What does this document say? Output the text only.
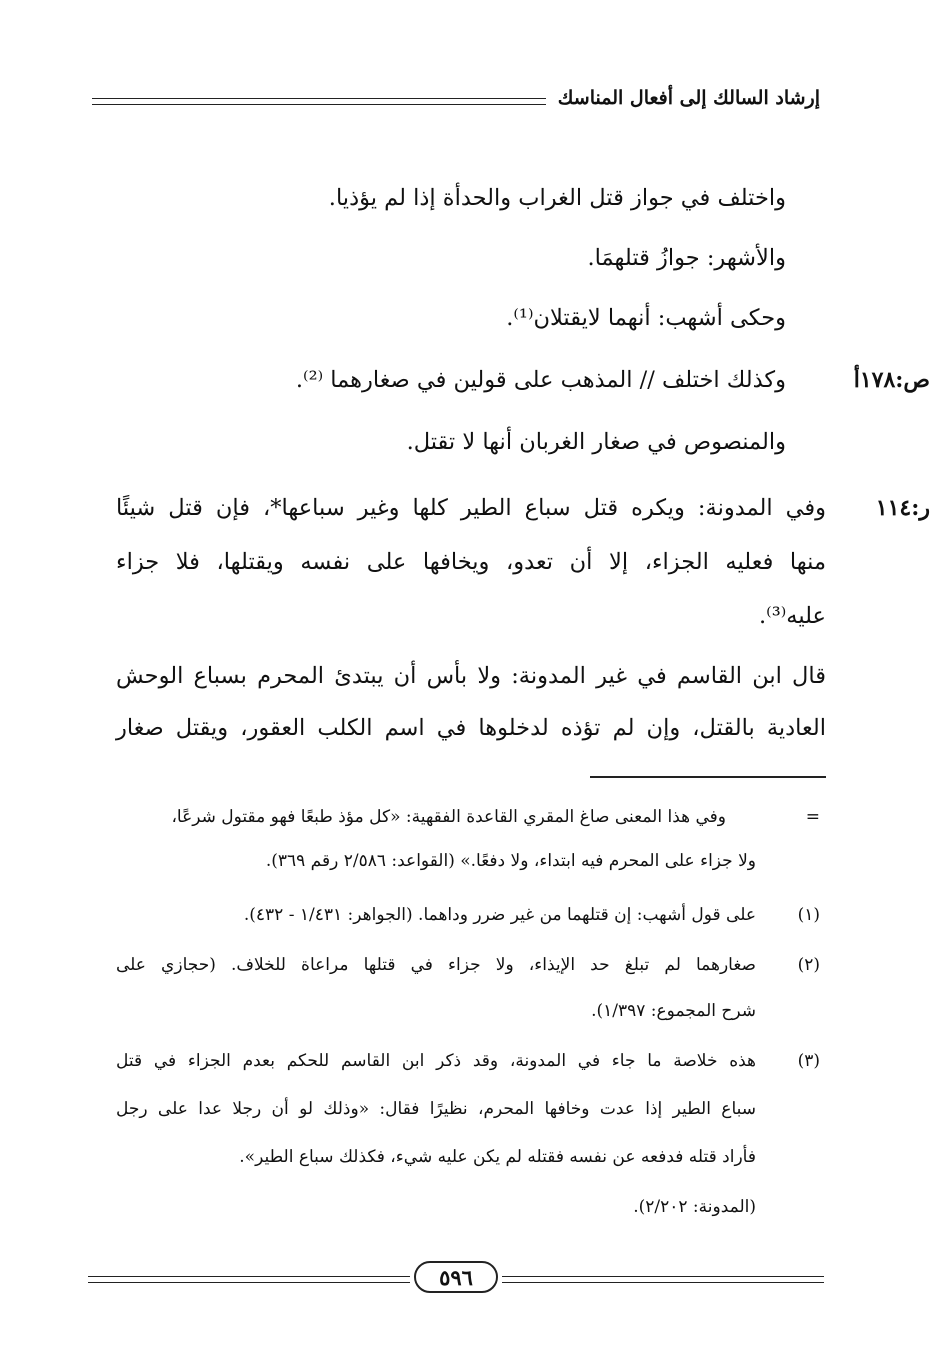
إرشاد السالك إلى أفعال المناسك
واختلف في جواز قتل الغراب والحدأة إذا لم يؤذيا.
والأشهر: جوازُ قتلهمَا.
وحكى أشهب: أنهما لايقتلان⁽¹⁾.
ص:١٧٨أ
وكذلك اختلف // المذهب على قولين في صغارهما ⁽²⁾.
والمنصوص في صغار الغربان أنها لا تقتل.
ر:١١٤
وفي المدونة: ويكره قتل سباع الطير كلها وغير سباعها*، فإن قتل شيئًا
منها فعليه الجزاء، إلا أن تعدو، ويخافها على نفسه ويقتلها، فلا جزاء
عليه⁽³⁾.
قال ابن القاسم في غير المدونة: ولا بأس أن يبتدئ المحرم بسباع الوحش
العادية بالقتل، وإن لم تؤذه لدخلوها في اسم الكلب العقور، ويقتل صغار
=
وفي هذا المعنى صاغ المقري القاعدة الفقهية: «كل مؤذ طبعًا فهو مقتول شرعًا،
ولا جزاء على المحرم فيه ابتداء، ولا دفعًا.» (القواعد: ٢/٥٨٦ رقم ٣٦٩).
(١)
على قول أشهب: إن قتلهما من غير ضرر وداهما. (الجواهر: ١/٤٣١ - ٤٣٢).
(٢)
صغارهما لم تبلغ حد الإيذاء، ولا جزاء في قتلها مراعاة للخلاف. (حجازي على
شرح المجموع: ١/٣٩٧).
(٣)
هذه خلاصة ما جاء في المدونة، وقد ذكر ابن القاسم للحكم بعدم الجزاء في قتل
سباع الطير إذا عدت وخافها المحرم، نظيرًا فقال: «وذلك لو أن رجلا عدا على رجل
فأراد قتله فدفعه عن نفسه فقتله لم يكن عليه شيء، فكذلك سباع الطير».
(المدونة: ٢/٢٠٢).
٥٩٦
